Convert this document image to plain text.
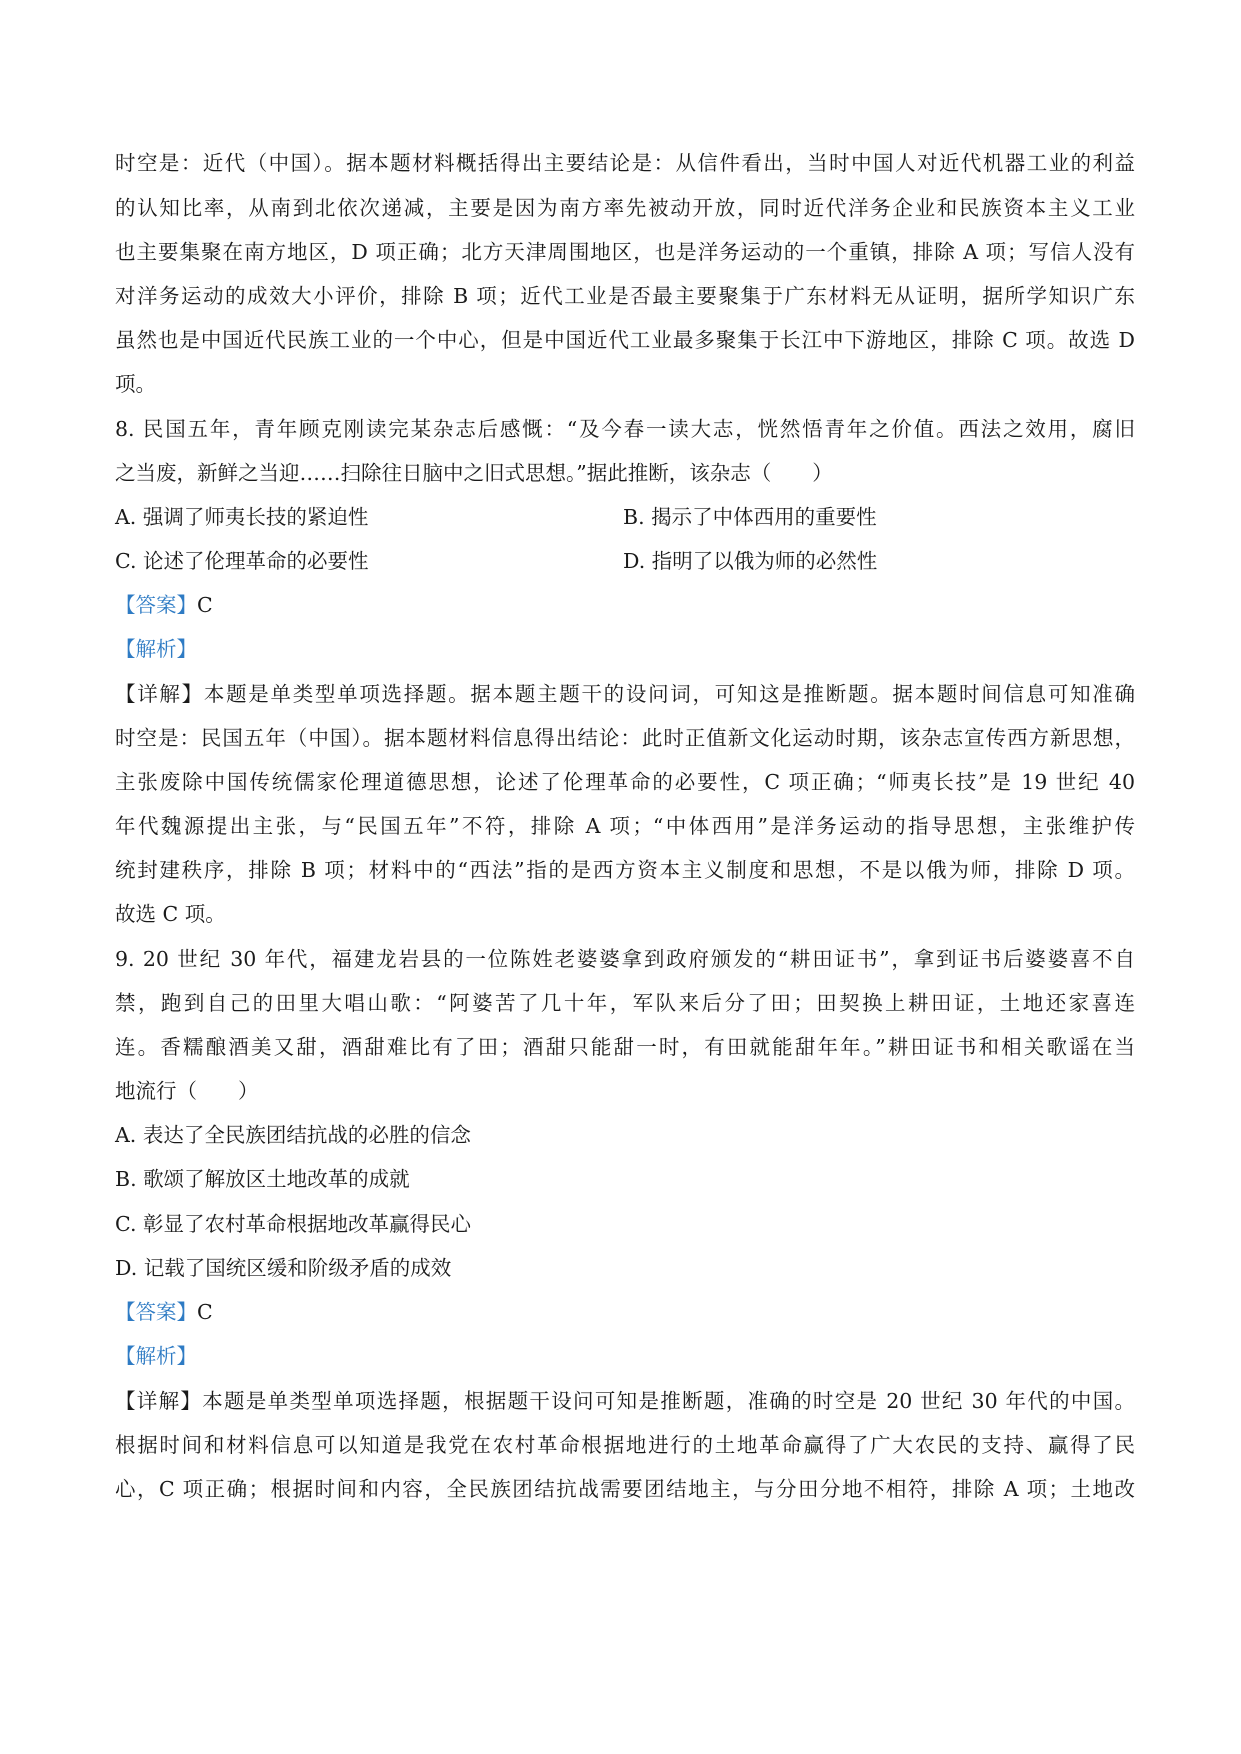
时空是：近代（中国）。据本题材料概括得出主要结论是：从信件看出，当时中国人对近代机器工业的利益
的认知比率，从南到北依次递减，主要是因为南方率先被动开放，同时近代洋务企业和民族资本主义工业
也主要集聚在南方地区，D 项正确；北方天津周围地区，也是洋务运动的一个重镇，排除 A 项；写信人没有
对洋务运动的成效大小评价，排除 B 项；近代工业是否最主要聚集于广东材料无从证明，据所学知识广东
虽然也是中国近代民族工业的一个中心，但是中国近代工业最多聚集于长江中下游地区，排除 C 项。故选 D
项。
8. 民国五年，青年顾克刚读完某杂志后感慨：“及今春一读大志，恍然悟青年之价值。西法之效用，腐旧
之当废，新鲜之当迎……扫除往日脑中之旧式思想。”据此推断，该杂志（　　）
A. 强调了师夷长技的紧迫性	B. 揭示了中体西用的重要性
C. 论述了伦理革命的必要性	D. 指明了以俄为师的必然性
【答案】C
【解析】
【详解】本题是单类型单项选择题。据本题主题干的设问词，可知这是推断题。据本题时间信息可知准确
时空是：民国五年（中国）。据本题材料信息得出结论：此时正值新文化运动时期，该杂志宣传西方新思想，
主张废除中国传统儒家伦理道德思想，论述了伦理革命的必要性，C 项正确；“师夷长技”是 19 世纪 40
年代魏源提出主张，与“民国五年”不符，排除 A 项；“中体西用”是洋务运动的指导思想，主张维护传
统封建秩序，排除 B 项；材料中的“西法”指的是西方资本主义制度和思想，不是以俄为师，排除 D 项。
故选 C 项。
9. 20 世纪 30 年代，福建龙岩县的一位陈姓老婆婆拿到政府颁发的“耕田证书”，拿到证书后婆婆喜不自
禁，跑到自己的田里大唱山歌：“阿婆苦了几十年，军队来后分了田；田契换上耕田证，土地还家喜连
连。香糯酿酒美又甜，酒甜难比有了田；酒甜只能甜一时，有田就能甜年年。”耕田证书和相关歌谣在当
地流行（　　）
A. 表达了全民族团结抗战的必胜的信念
B. 歌颂了解放区土地改革的成就
C. 彰显了农村革命根据地改革赢得民心
D. 记载了国统区缓和阶级矛盾的成效
【答案】C
【解析】
【详解】本题是单类型单项选择题，根据题干设问可知是推断题，准确的时空是 20 世纪 30 年代的中国。
根据时间和材料信息可以知道是我党在农村革命根据地进行的土地革命赢得了广大农民的支持、赢得了民
心，C 项正确；根据时间和内容，全民族团结抗战需要团结地主，与分田分地不相符，排除 A 项；土地改
